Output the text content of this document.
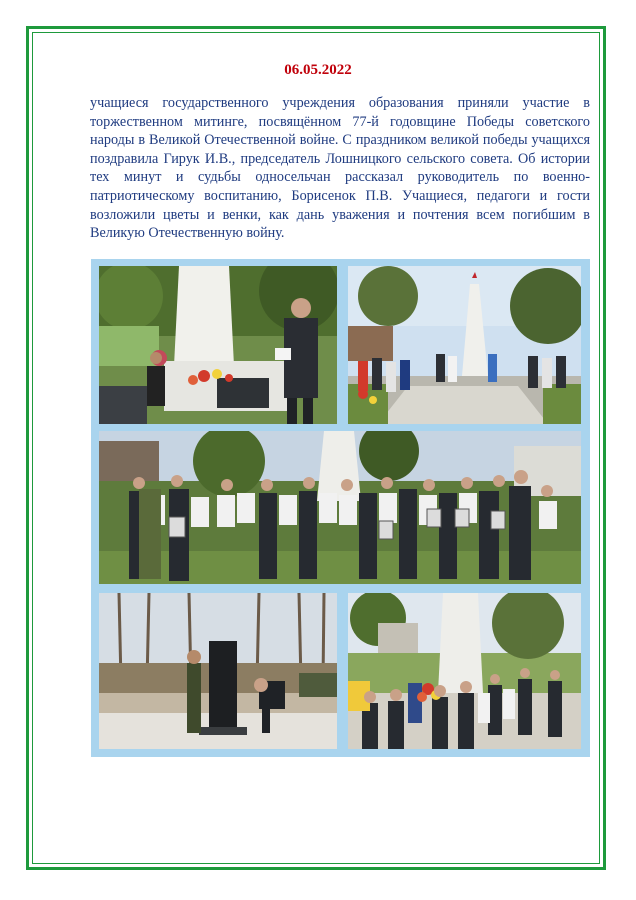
06.05.2022
учащиеся государственного учреждения образования приняли участие в торжественном митинге, посвящённом 77-й годовщине Победы советского народы в Великой Отечественной войне. С праздником великой победы учащихся поздравила Гирук И.В., председатель Лошницкого сельского совета. Об истории тех минут и судьбы односельчан рассказал руководитель по военно-патриотическому воспитанию, Борисенок П.В. Учащиеся, педагоги и гости возложили цветы и венки, как дань уважения и почтения всем погибшим в Великую Отечественную войну.
